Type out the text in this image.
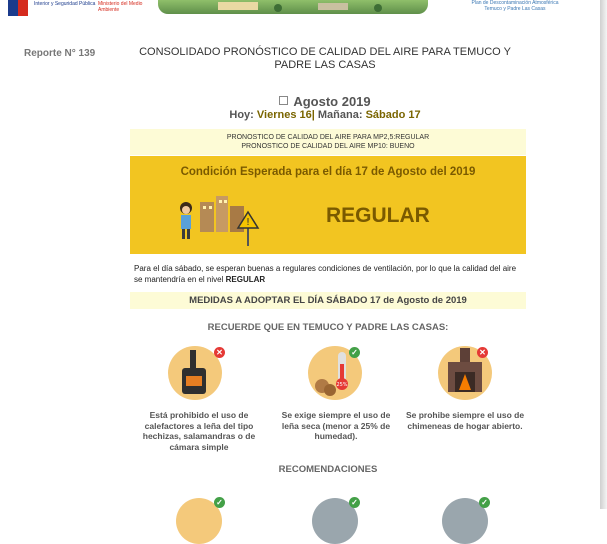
Interior y Seguridad Pública Ministerio del Medio Ambiente
Plan de Descontaminación Atmosférica Temuco y Padre Las Casas
Reporte N° 139	CONSOLIDADO PRONÓSTICO DE CALIDAD DEL AIRE PARA TEMUCO Y PADRE LAS CASAS
Agosto 2019
Hoy: Viernes 16| Mañana: Sábado 17
PRONOSTICO DE CALIDAD DEL AIRE PARA MP2,5:REGULAR
PRONOSTICO DE CALIDAD DEL AIRE MP10: BUENO
Condición Esperada para el día 17 de Agosto del 2019
!	REGULAR
Para el día sábado, se esperan buenas a regulares condiciones de ventilación, por lo que la calidad del aire se mantendría en el nivel REGULAR
MEDIDAS A ADOPTAR EL DÍA SÁBADO 17 de Agosto de 2019
RECUERDE QUE EN TEMUCO Y PADRE LAS CASAS:
✕
Está prohibido el uso de calefactores a leña del tipo hechizas, salamandras o de cámara simple
25%
✓
Se exige siempre el uso de leña seca (menor a 25% de humedad).
✕
Se prohibe siempre el uso de chimeneas de hogar abierto.
RECOMENDACIONES
✓	✓	✓
